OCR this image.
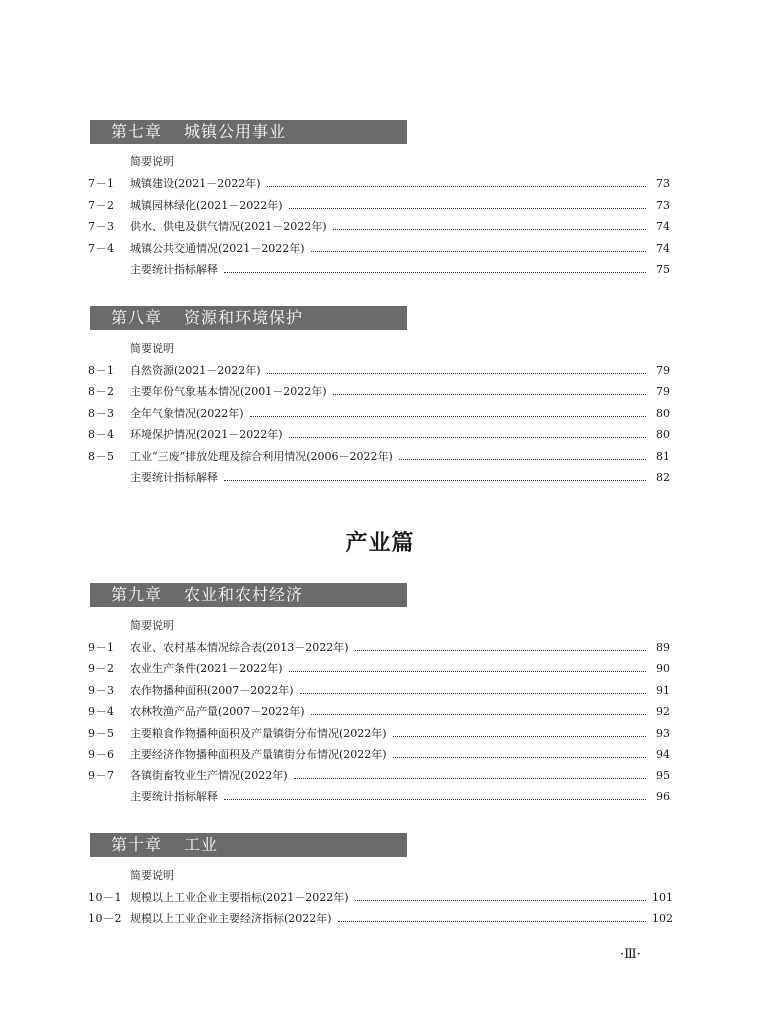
第七章 城镇公用事业
简要说明
7－1	城镇建设(2021－2022年)	73
7－2	城镇园林绿化(2021－2022年)	73
7－3	供水、供电及供气情况(2021－2022年)	74
7－4	城镇公共交通情况(2021－2022年)	74
主要统计指标解释	75
第八章 资源和环境保护
简要说明
8－1	自然资源(2021－2022年)	79
8－2	主要年份气象基本情况(2001－2022年)	79
8－3	全年气象情况(2022年)	80
8－4	环境保护情况(2021－2022年)	80
8－5	工业“三废”排放处理及综合利用情况(2006－2022年)	81
主要统计指标解释	82
产业篇
第九章 农业和农村经济
简要说明
9－1	农业、农村基本情况综合表(2013－2022年)	89
9－2	农业生产条件(2021－2022年)	90
9－3	农作物播种面积(2007－2022年)	91
9－4	农林牧渔产品产量(2007－2022年)	92
9－5	主要粮食作物播种面积及产量镇街分布情况(2022年)	93
9－6	主要经济作物播种面积及产量镇街分布情况(2022年)	94
9－7	各镇街畜牧业生产情况(2022年)	95
主要统计指标解释	96
第十章 工业
简要说明
10－1 规模以上工业企业主要指标(2021－2022年)	101
10－2 规模以上工业企业主要经济指标(2022年)	102
·Ⅲ·
